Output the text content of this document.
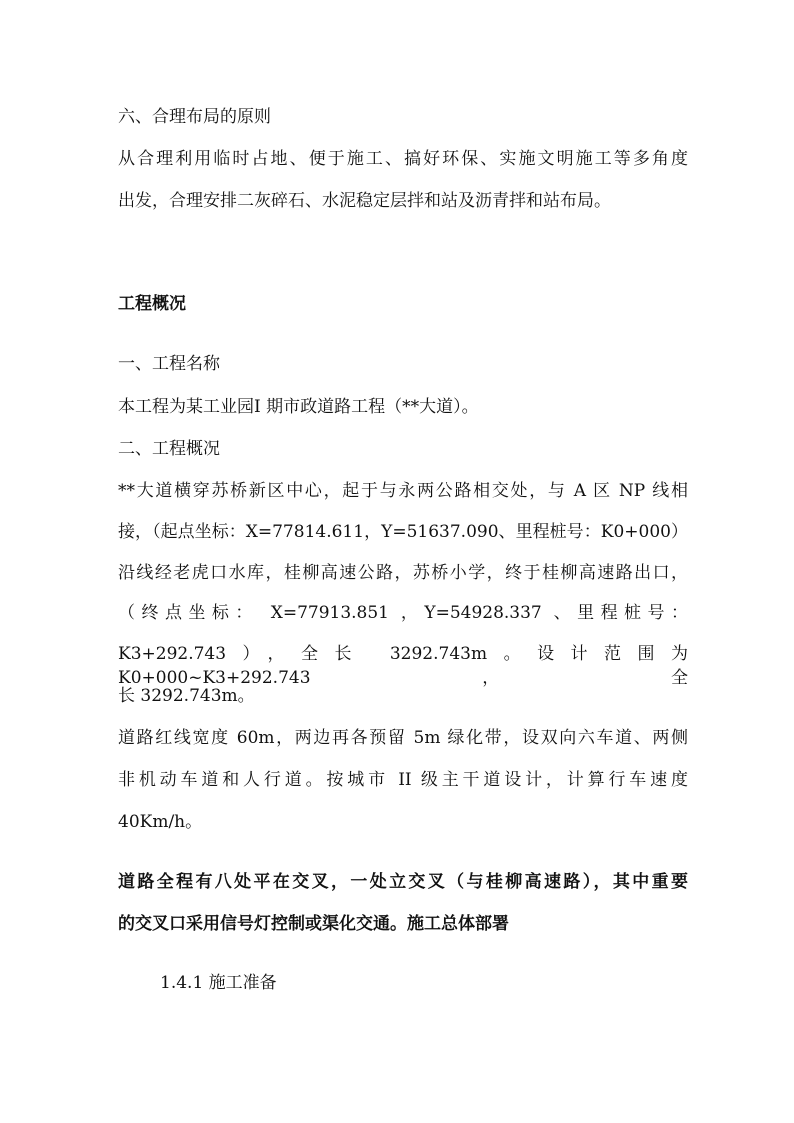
六、合理布局的原则
从合理利用临时占地、便于施工、搞好环保、实施文明施工等多角度
出发，合理安排二灰碎石、水泥稳定层拌和站及沥青拌和站布局。
工程概况
一、工程名称
本工程为某工业园Ⅰ 期市政道路工程（**大道）。
二、工程概况
**大道横穿苏桥新区中心，起于与永两公路相交处，与 A 区 NP 线相
接，（起点坐标：X=77814.611，Y=51637.090、里程桩号：K0+000）
沿线经老虎口水库，桂柳高速公路，苏桥小学，终于桂柳高速路出口，
（终点坐标： X=77913.851 ，Y=54928.337 、里程桩号：
K3+292.743），全长 3292.743m。设计范围为 K0+000~K3+292.743，全
长 3292.743m。
道路红线宽度 60m，两边再各预留 5m 绿化带，设双向六车道、两侧
非机动车道和人行道。按城市 II 级主干道设计，计算行车速度
40Km/h。
道路全程有八处平在交叉，一处立交叉（与桂柳高速路），其中重要
的交叉口采用信号灯控制或渠化交通。施工总体部署
1.4.1 施工准备
